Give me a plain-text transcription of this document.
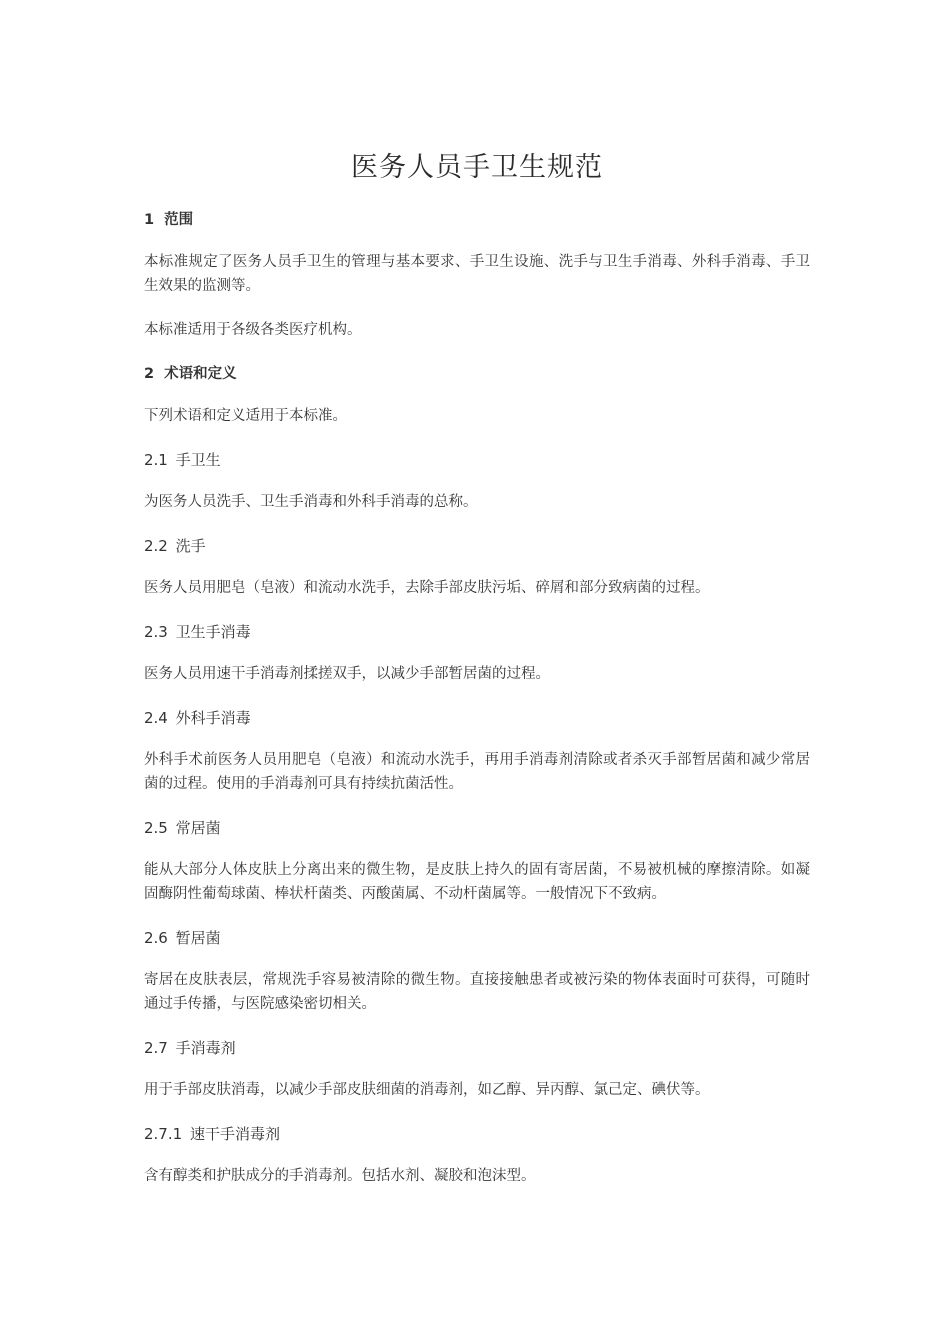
医务人员手卫生规范
1 范围

本标准规定了医务人员手卫生的管理与基本要求、手卫生设施、洗手与卫生手消毒、外科手消毒、手卫生效果的监测等。

本标准适用于各级各类医疗机构。

2 术语和定义

下列术语和定义适用于本标准。

2.1 手卫生

为医务人员洗手、卫生手消毒和外科手消毒的总称。

2.2 洗手

医务人员用肥皂（皂液）和流动水洗手，去除手部皮肤污垢、碎屑和部分致病菌的过程。

2.3 卫生手消毒

医务人员用速干手消毒剂揉搓双手，以减少手部暂居菌的过程。

2.4 外科手消毒

外科手术前医务人员用肥皂（皂液）和流动水洗手，再用手消毒剂清除或者杀灭手部暂居菌和减少常居菌的过程。使用的手消毒剂可具有持续抗菌活性。

2.5 常居菌

能从大部分人体皮肤上分离出来的微生物，是皮肤上持久的固有寄居菌，不易被机械的摩擦清除。如凝固酶阴性葡萄球菌、棒状杆菌类、丙酸菌属、不动杆菌属等。一般情况下不致病。

2.6 暂居菌

寄居在皮肤表层，常规洗手容易被清除的微生物。直接接触患者或被污染的物体表面时可获得，可随时通过手传播，与医院感染密切相关。

2.7 手消毒剂

用于手部皮肤消毒，以减少手部皮肤细菌的消毒剂，如乙醇、异丙醇、氯己定、碘伏等。

2.7.1 速干手消毒剂

含有醇类和护肤成分的手消毒剂。包括水剂、凝胶和泡沫型。
